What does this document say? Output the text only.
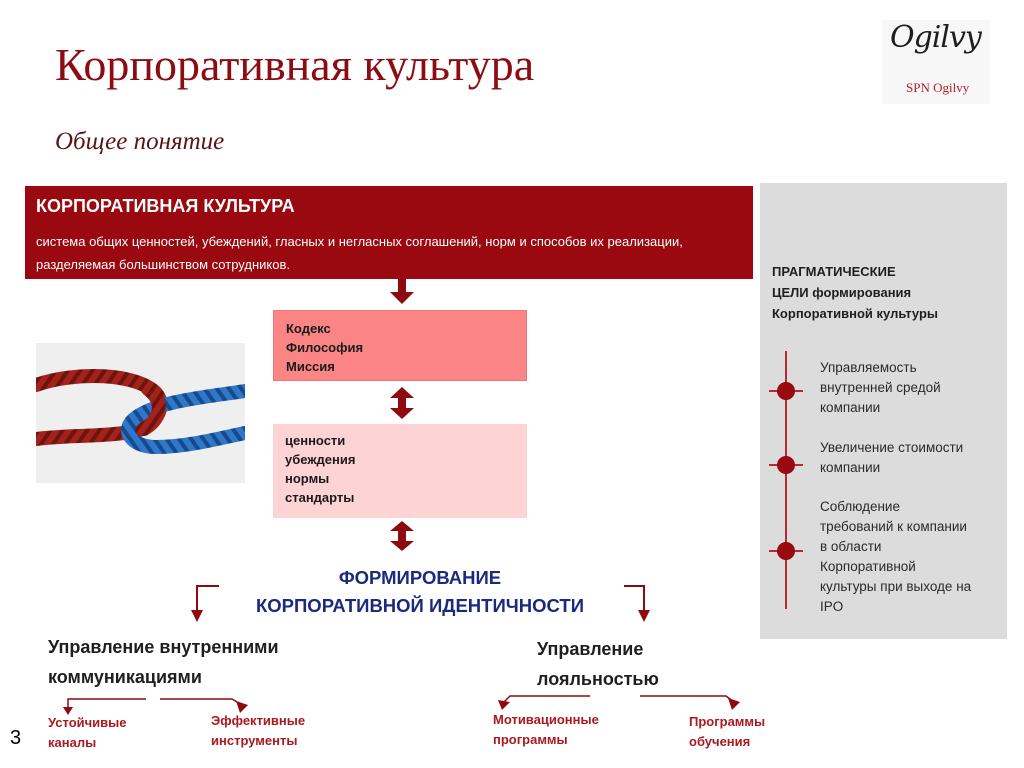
Корпоративная культура
Общее понятие
Ogilvy
SPN Ogilvy
КОРПОРАТИВНАЯ КУЛЬТУРА
система общих ценностей, убеждений, гласных и негласных соглашений, норм и способов их реализации, разделяемая большинством сотрудников.
Кодекс
Философия
Миссия
ценности
убеждения
нормы
стандарты
ФОРМИРОВАНИЕ
КОРПОРАТИВНОЙ ИДЕНТИЧНОСТИ
Управление внутренними
коммуникациями
Устойчивые
каналы
Эффективные
инструменты
Управление
лояльностью
Мотивационные
программы
Программы
обучения
ПРАГМАТИЧЕСКИЕ
ЦЕЛИ формирования
Корпоративной культуры
Управляемость
внутренней средой
компании
Увеличение стоимости
компании
Соблюдение
требований к компании
в области
Корпоративной
культуры при выходе на
IPO
3
